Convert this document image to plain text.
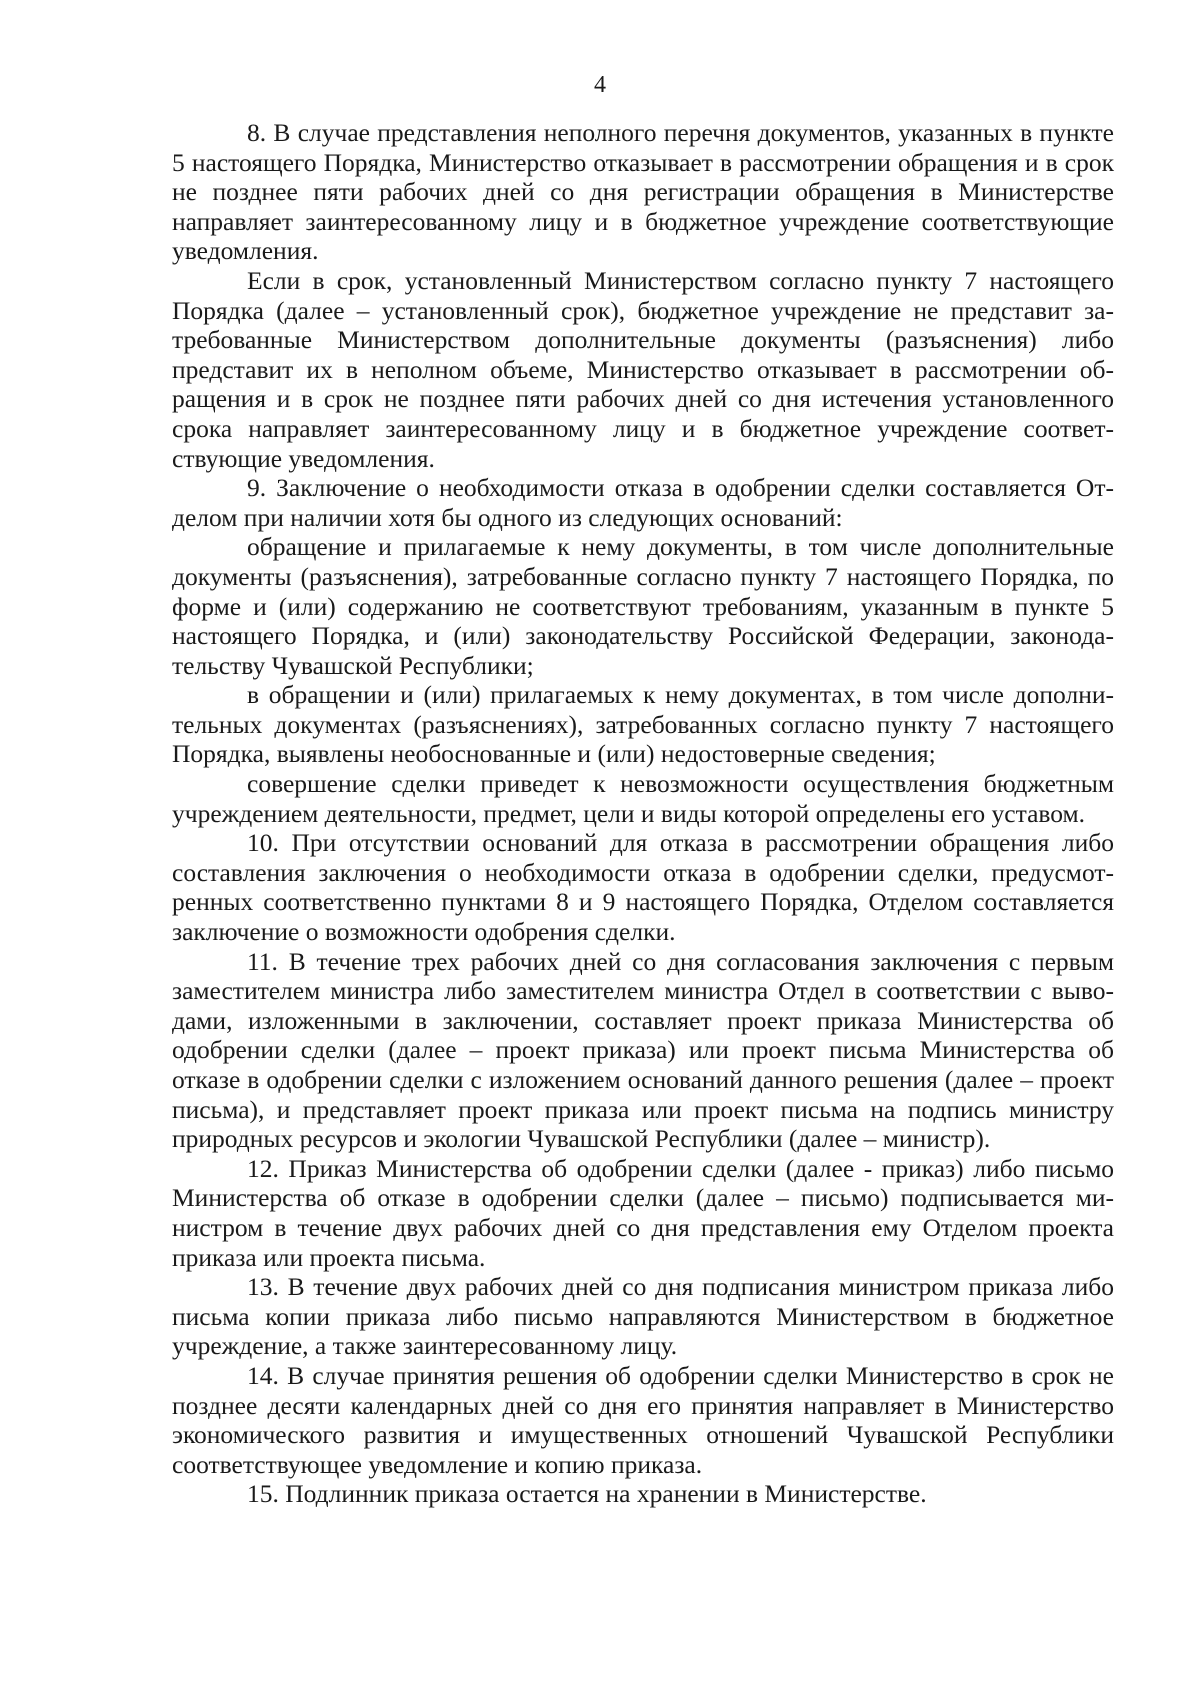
4

8. В случае представления неполного перечня документов, указанных в пункте 5 настоящего Порядка, Министерство отказывает в рассмотрении обращения и в срок не позднее пяти рабочих дней со дня регистрации обращения в Министерстве направляет заинтересованному лицу и в бюджетное учреждение соответствующие уведомления.

Если в срок, установленный Министерством согласно пункту 7 настоящего Порядка (далее – установленный срок), бюджетное учреждение не представит затребованные Министерством дополнительные документы (разъяснения) либо представит их в неполном объеме, Министерство отказывает в рассмотрении обращения и в срок не позднее пяти рабочих дней со дня истечения установленного срока направляет заинтересованному лицу и в бюджетное учреждение соответствующие уведомления.

9. Заключение о необходимости отказа в одобрении сделки составляется Отделом при наличии хотя бы одного из следующих оснований:

обращение и прилагаемые к нему документы, в том числе дополнительные документы (разъяснения), затребованные согласно пункту 7 настоящего Порядка, по форме и (или) содержанию не соответствуют требованиям, указанным в пункте 5 настоящего Порядка, и (или) законодательству Российской Федерации, законодательству Чувашской Республики;

в обращении и (или) прилагаемых к нему документах, в том числе дополнительных документах (разъяснениях), затребованных согласно пункту 7 настоящего Порядка, выявлены необоснованные и (или) недостоверные сведения;

совершение сделки приведет к невозможности осуществления бюджетным учреждением деятельности, предмет, цели и виды которой определены его уставом.

10. При отсутствии оснований для отказа в рассмотрении обращения либо составления заключения о необходимости отказа в одобрении сделки, предусмотренных соответственно пунктами 8 и 9 настоящего Порядка, Отделом составляется заключение о возможности одобрения сделки.

11. В течение трех рабочих дней со дня согласования заключения с первым заместителем министра либо заместителем министра Отдел в соответствии с выводами, изложенными в заключении, составляет проект приказа Министерства об одобрении сделки (далее – проект приказа) или проект письма Министерства об отказе в одобрении сделки с изложением оснований данного решения (далее – проект письма), и представляет проект приказа или проект письма на подпись министру природных ресурсов и экологии Чувашской Республики (далее – министр).

12. Приказ Министерства об одобрении сделки (далее - приказ) либо письмо Министерства об отказе в одобрении сделки (далее – письмо) подписывается министром в течение двух рабочих дней со дня представления ему Отделом проекта приказа или проекта письма.

13. В течение двух рабочих дней со дня подписания министром приказа либо письма копии приказа либо письмо направляются Министерством в бюджетное учреждение, а также заинтересованному лицу.

14. В случае принятия решения об одобрении сделки Министерство в срок не позднее десяти календарных дней со дня его принятия направляет в Министерство экономического развития и имущественных отношений Чувашской Республики соответствующее уведомление и копию приказа.

15. Подлинник приказа остается на хранении в Министерстве.
